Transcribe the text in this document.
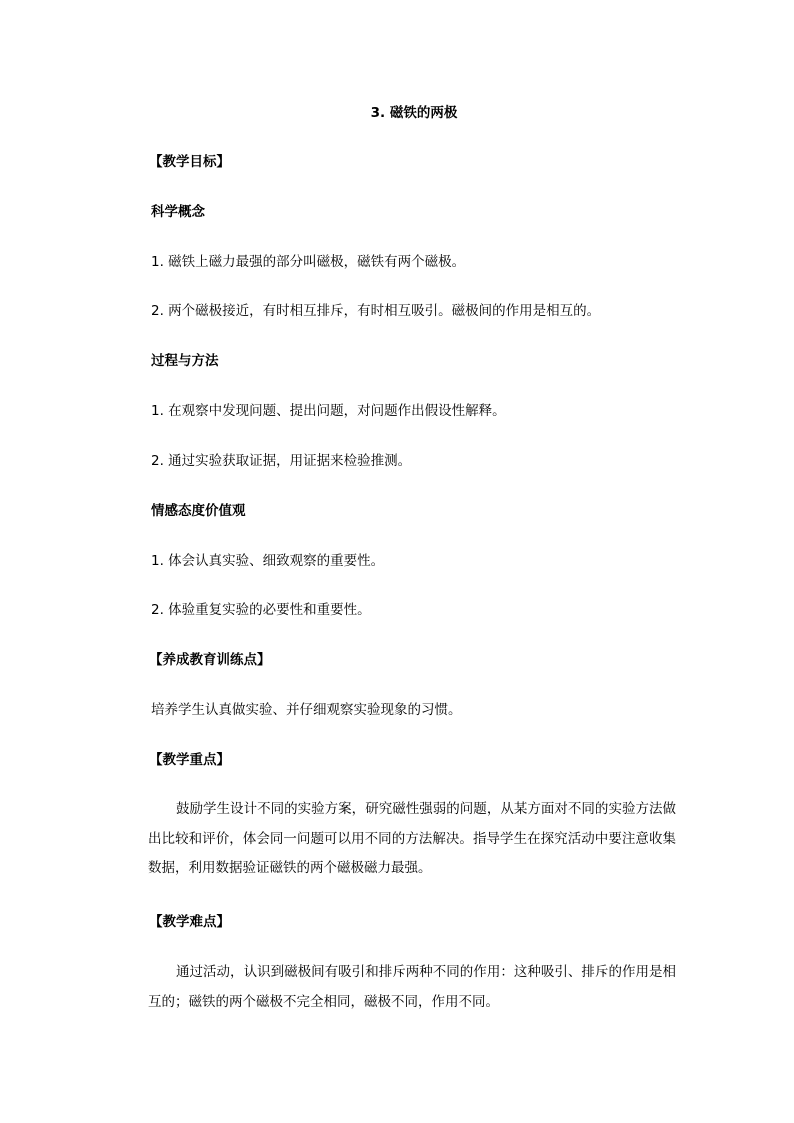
3. 磁铁的两极
【教学目标】
科学概念
1. 磁铁上磁力最强的部分叫磁极，磁铁有两个磁极。
2. 两个磁极接近，有时相互排斥，有时相互吸引。磁极间的作用是相互的。
过程与方法
1. 在观察中发现问题、提出问题，对问题作出假设性解释。
2. 通过实验获取证据，用证据来检验推测。
情感态度价值观
1. 体会认真实验、细致观察的重要性。
2. 体验重复实验的必要性和重要性。
【养成教育训练点】
培养学生认真做实验、并仔细观察实验现象的习惯。
【教学重点】
鼓励学生设计不同的实验方案，研究磁性强弱的问题，从某方面对不同的实验方法做出比较和评价，体会同一问题可以用不同的方法解决。指导学生在探究活动中要注意收集数据，利用数据验证磁铁的两个磁极磁力最强。
【教学难点】
通过活动，认识到磁极间有吸引和排斥两种不同的作用：这种吸引、排斥的作用是相互的；磁铁的两个磁极不完全相同，磁极不同，作用不同。
